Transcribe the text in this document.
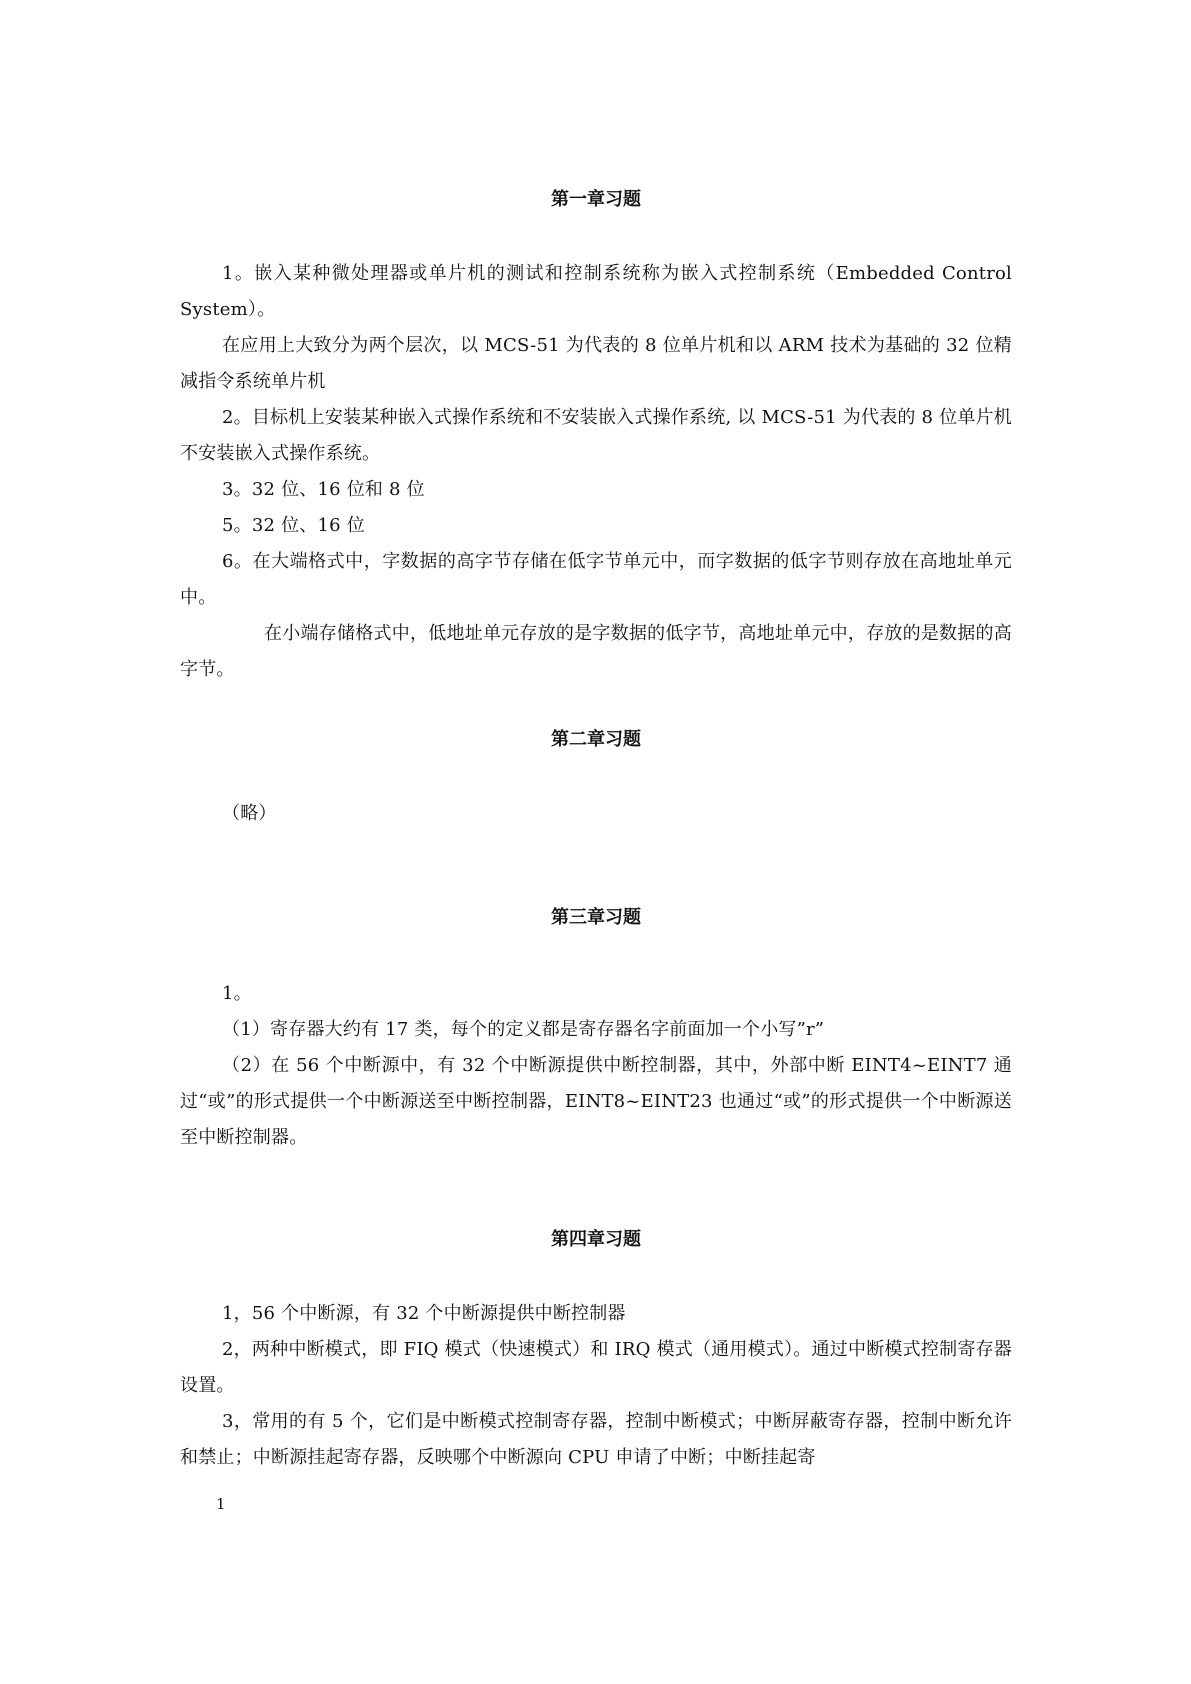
第一章习题
1。嵌入某种微处理器或单片机的测试和控制系统称为嵌入式控制系统（Embedded Control System）。
在应用上大致分为两个层次，以 MCS-51 为代表的 8 位单片机和以 ARM 技术为基础的 32 位精减指令系统单片机
2。目标机上安装某种嵌入式操作系统和不安装嵌入式操作系统, 以 MCS-51 为代表的 8 位单片机不安装嵌入式操作系统。
3。32 位、16 位和 8 位
5。32 位、16 位
6。在大端格式中，字数据的高字节存储在低字节单元中，而字数据的低字节则存放在高地址单元中。
在小端存储格式中，低地址单元存放的是字数据的低字节，高地址单元中，存放的是数据的高字节。
第二章习题
（略）
第三章习题
1。
（1）寄存器大约有 17 类，每个的定义都是寄存器名字前面加一个小写”r”
（2）在 56 个中断源中，有 32 个中断源提供中断控制器，其中，外部中断 EINT4~EINT7 通过“或”的形式提供一个中断源送至中断控制器，EINT8~EINT23 也通过“或”的形式提供一个中断源送至中断控制器。
第四章习题
1，56 个中断源，有 32 个中断源提供中断控制器
2，两种中断模式，即 FIQ 模式（快速模式）和 IRQ 模式（通用模式）。通过中断模式控制寄存器设置。
3，常用的有 5 个，它们是中断模式控制寄存器，控制中断模式；中断屏蔽寄存器，控制中断允许和禁止；中断源挂起寄存器，反映哪个中断源向 CPU 申请了中断；中断挂起寄
1
